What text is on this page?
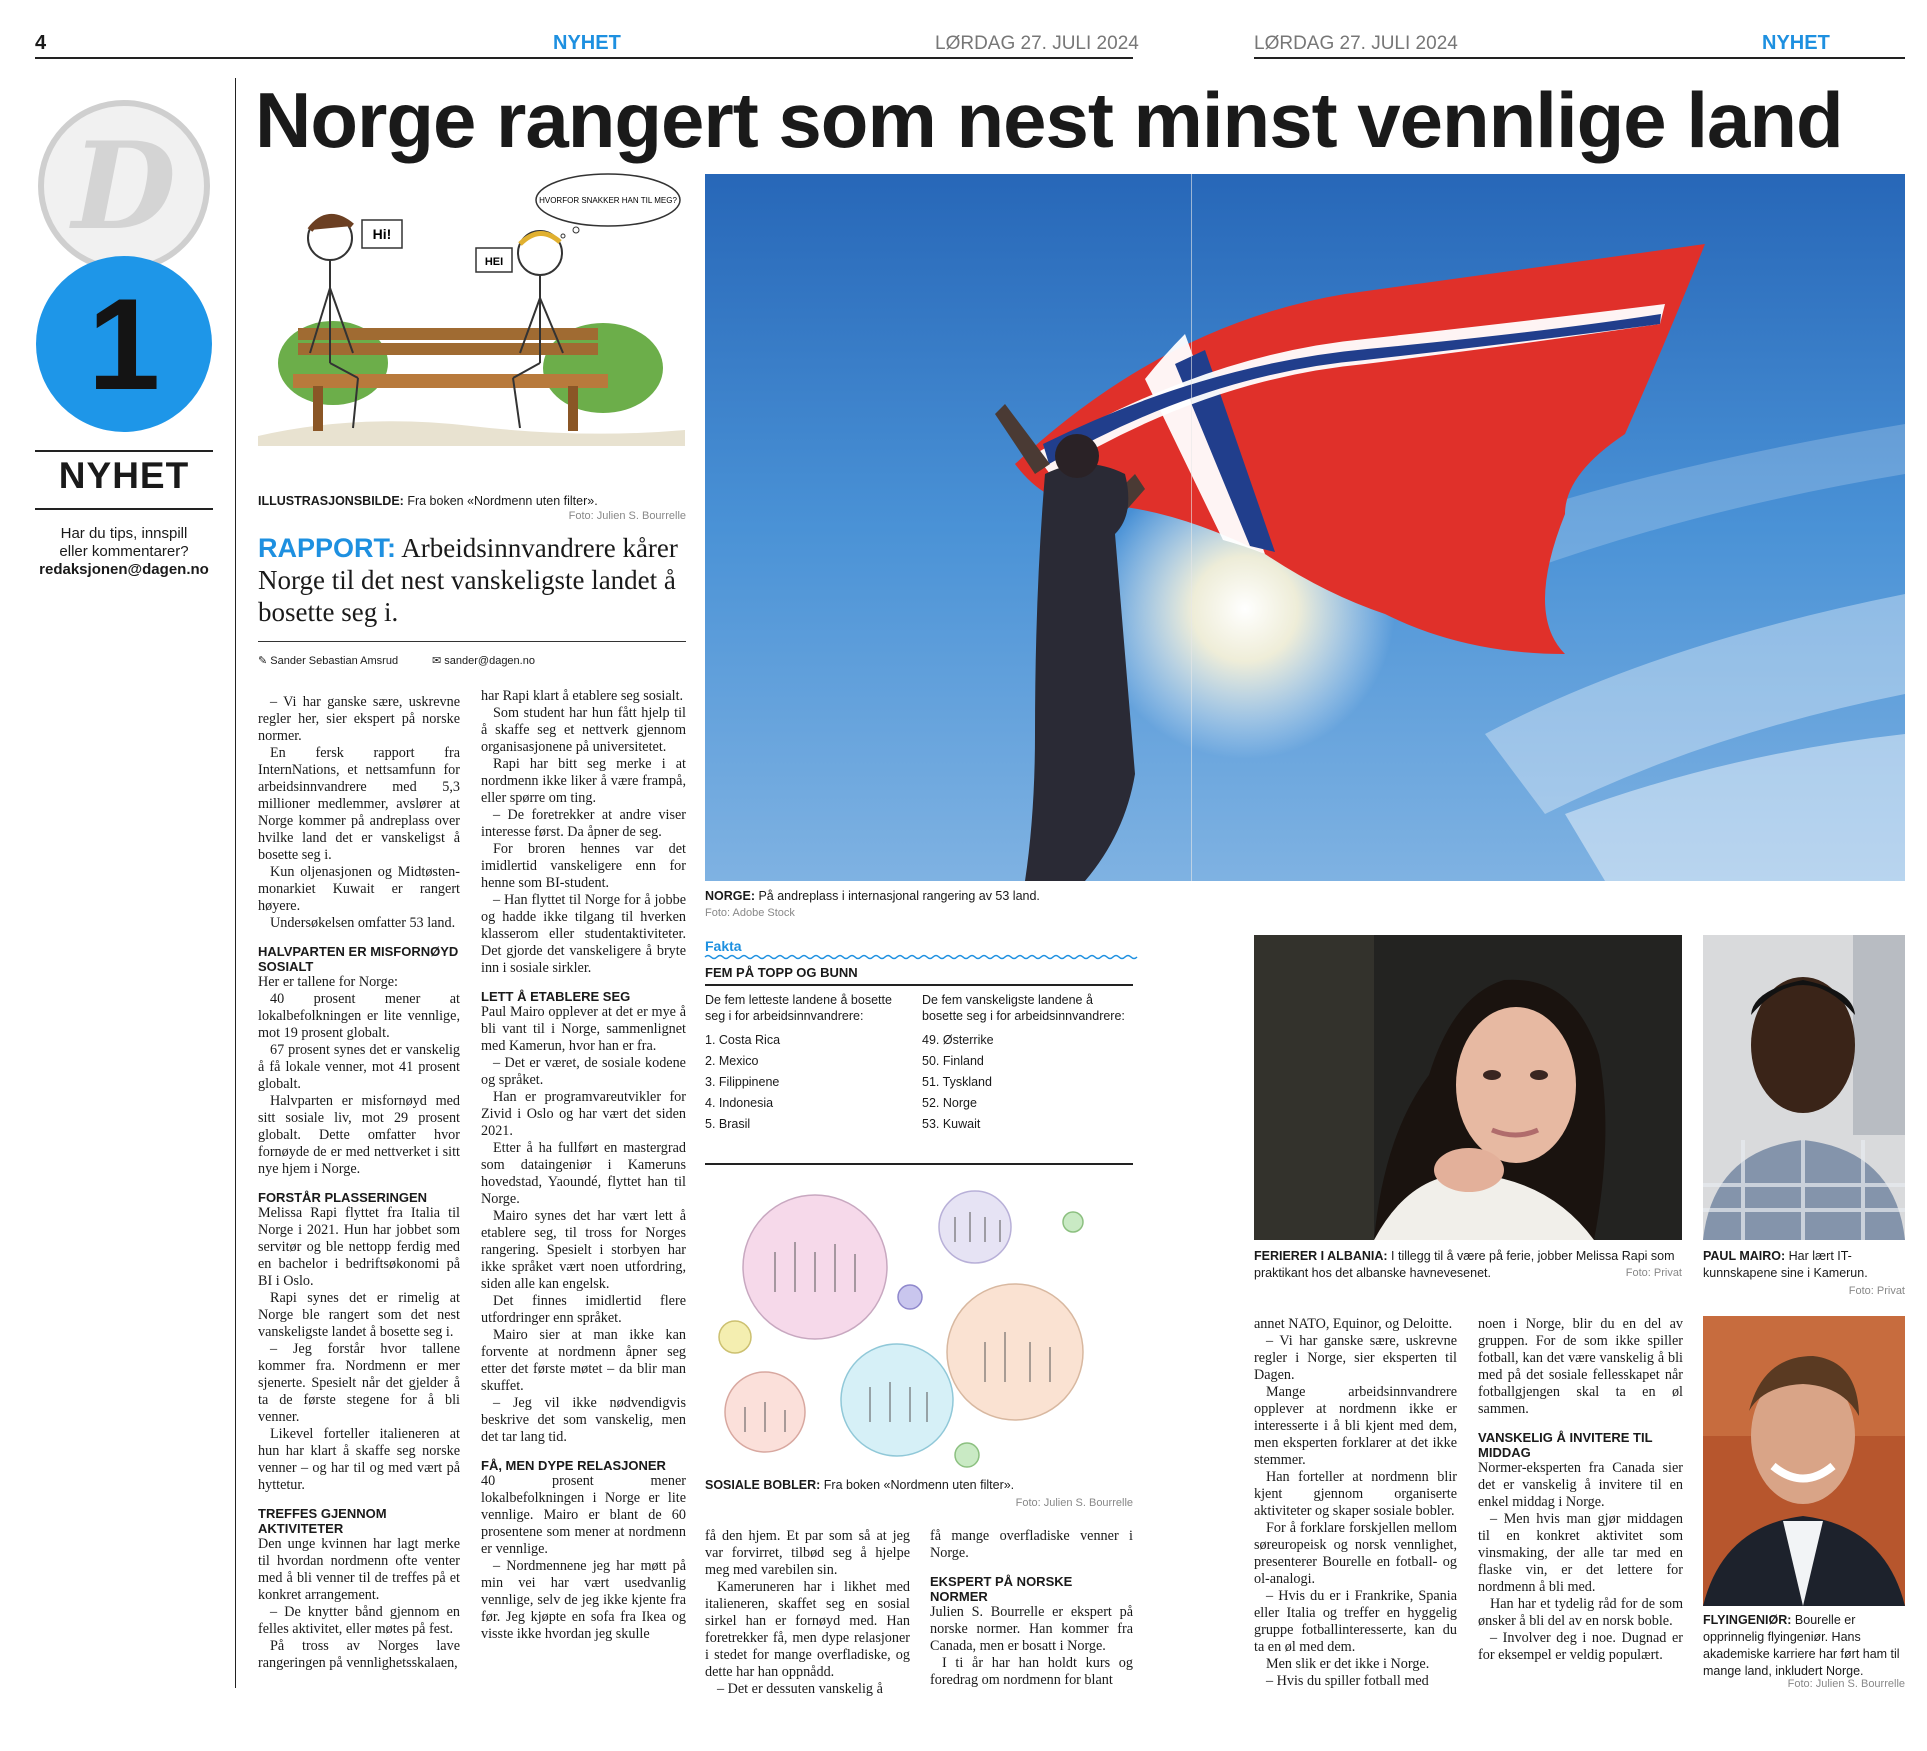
4	NYHET	LØRDAG 27. JULI 2024	LØRDAG 27. JULI 2024	NYHET
D
1
NYHET
Har du tips, innspill
eller kommentarer?
redaksjonen@dagen.no
Norge rangert som nest minst vennlige land
Hi!
HEI
HVORFOR SNAKKER HAN TIL MEG?
ILLUSTRASJONSBILDE: Fra boken «Nordmenn uten filter».
Foto: Julien S. Bourrelle
RAPPORT: Arbeidsinnvandrere kårer Norge til det nest vanskeligste landet å bosette seg i.
✎ Sander Sebastian Amsrud	✉ sander@dagen.no

– Vi har ganske sære, uskrevne regler her, sier ekspert på norske normer.

En fersk rapport fra InternNations, et nettsamfunn for arbeidsinnvandrere med 5,3 millioner medlemmer, avslører at Norge kommer på andreplass over hvilke land det er vanskeligst å bosette seg i.

Kun oljenasjonen og Midtøsten-monarkiet Kuwait er rangert høyere.

Undersøkelsen omfatter 53 land.

HALVPARTEN ER MISFORNØYD SOSIALT

Her er tallene for Norge:

40 prosent mener at lokalbefolkningen er lite vennlige, mot 19 prosent globalt.

67 prosent synes det er vanskelig å få lokale venner, mot 41 prosent globalt.

Halvparten er misfornøyd med sitt sosiale liv, mot 29 prosent globalt. Dette omfatter hvor fornøyde de er med nettverket i sitt nye hjem i Norge.

FORSTÅR PLASSERINGEN

Melissa Rapi flyttet fra Italia til Norge i 2021. Hun har jobbet som servitør og ble nettopp ferdig med en bachelor i bedriftsøkonomi på BI i Oslo.

Rapi synes det er rimelig at Norge ble rangert som det nest vanskeligste landet å bosette seg i.

– Jeg forstår hvor tallene kommer fra. Nordmenn er mer sjenerte. Spesielt når det gjelder å ta de første stegene for å bli venner.

Likevel forteller italieneren at hun har klart å skaffe seg norske venner – og har til og med vært på hyttetur.

TREFFES GJENNOM AKTIVITETER

Den unge kvinnen har lagt merke til hvordan nordmenn ofte venter med å bli venner til de treffes på et konkret arrangement.

– De knytter bånd gjennom en felles aktivitet, eller møtes på fest.

På tross av Norges lave rangeringen på vennlighetsskalaen,

har Rapi klart å etablere seg sosialt.

Som student har hun fått hjelp til å skaffe seg et nettverk gjennom organisasjonene på universitetet.

Rapi har bitt seg merke i at nordmenn ikke liker å være frampå, eller spørre om ting.

– De foretrekker at andre viser interesse først. Da åpner de seg.

For broren hennes var det imidlertid vanskeligere enn for henne som BI-student.

– Han flyttet til Norge for å jobbe og hadde ikke tilgang til hverken klasserom eller studentaktiviteter. Det gjorde det vanskeligere å bryte inn i sosiale sirkler.

LETT Å ETABLERE SEG

Paul Mairo opplever at det er mye å bli vant til i Norge, sammenlignet med Kamerun, hvor han er fra.

– Det er været, de sosiale kodene og språket.

Han er programvareutvikler for Zivid i Oslo og har vært det siden 2021.

Etter å ha fullført en mastergrad som dataingeniør i Kameruns hovedstad, Yaoundé, flyttet han til Norge.

Mairo synes det har vært lett å etablere seg, til tross for Norges rangering. Spesielt i storbyen har ikke språket vært noen utfordring, siden alle kan engelsk.

Det finnes imidlertid flere utfordringer enn språket.

Mairo sier at man ikke kan forvente at nordmenn åpner seg etter det første møtet – da blir man skuffet.

– Jeg vil ikke nødvendigvis beskrive det som vanskelig, men det tar lang tid.

FÅ, MEN DYPE RELASJONER

40 prosent mener lokalbefolkningen i Norge er lite vennlige. Mairo er blant de 60 prosentene som mener at nordmenn er vennlige.

– Nordmennene jeg har møtt på min vei har vært usedvanlig vennlige, selv de jeg ikke kjente fra før. Jeg kjøpte en sofa fra Ikea og visste ikke hvordan jeg skulle

få den hjem. Et par som så at jeg var forvirret, tilbød seg å hjelpe meg med varebilen sin.

Kameruneren har i likhet med italieneren, skaffet seg en sosial sirkel han er fornøyd med. Han foretrekker få, men dype relasjoner i stedet for mange overfladiske, og dette har han oppnådd.

– Det er dessuten vanskelig å

få mange overfladiske venner i Norge.

EKSPERT PÅ NORSKE NORMER

Julien S. Bourrelle er ekspert på norske normer. Han kommer fra Canada, men er bosatt i Norge.

I ti år har han holdt kurs og foredrag om nordmenn for blant

annet NATO, Equinor, og Deloitte.

– Vi har ganske sære, uskrevne regler i Norge, sier eksperten til Dagen.

Mange arbeidsinnvandrere opplever at nordmenn ikke er interesserte i å bli kjent med dem, men eksperten forklarer at det ikke stemmer.

Han forteller at nordmenn blir kjent gjennom organiserte aktiviteter og skaper sosiale bobler.

For å forklare forskjellen mellom søreuropeisk og norsk vennlighet, presenterer Bourelle en fotball- og ol-analogi.

– Hvis du er i Frankrike, Spania eller Italia og treffer en hyggelig gruppe fotballinteresserte, kan du ta en øl med dem.

Men slik er det ikke i Norge.

– Hvis du spiller fotball med

noen i Norge, blir du en del av gruppen. For de som ikke spiller fotball, kan det være vanskelig å bli med på det sosiale fellesskapet når fotballgjengen skal ta en øl sammen.

VANSKELIG Å INVITERE TIL MIDDAG

Normer-eksperten fra Canada sier det er vanskelig å invitere til en enkel middag i Norge.

– Men hvis man gjør middagen til en konkret aktivitet som vinsmaking, der alle tar med en flaske vin, er det lettere for nordmenn å bli med.

Han har et tydelig råd for de som ønsker å bli del av en norsk boble.

– Involver deg i noe. Dugnad er for eksempel er veldig populært.

NORGE: På andreplass i internasjonal rangering av 53 land.
Foto: Adobe Stock
Fakta
FEM PÅ TOPP OG BUNN
De fem letteste landene å bosette seg i for arbeidsinnvandrere:
1. Costa Rica
2. Mexico
3. Filippinene
4. Indonesia
5. Brasil
De fem vanskeligste landene å bosette seg i for arbeidsinnvandrere:
49. Østerrike
50. Finland
51. Tyskland
52. Norge
53. Kuwait
SOSIALE BOBLER: Fra boken «Nordmenn uten filter».
Foto: Julien S. Bourrelle
FERIERER I ALBANIA: I tillegg til å være på ferie, jobber Melissa Rapi som praktikant hos det albanske havnevesenet.	Foto: Privat
PAUL MAIRO: Har lært IT-kunnskapene sine i Kamerun.
Foto: Privat
FLYINGENIØR: Bourelle er opprinnelig flyingeniør. Hans akademiske karriere har ført ham til mange land, inkludert Norge.
Foto: Julien S. Bourrelle
